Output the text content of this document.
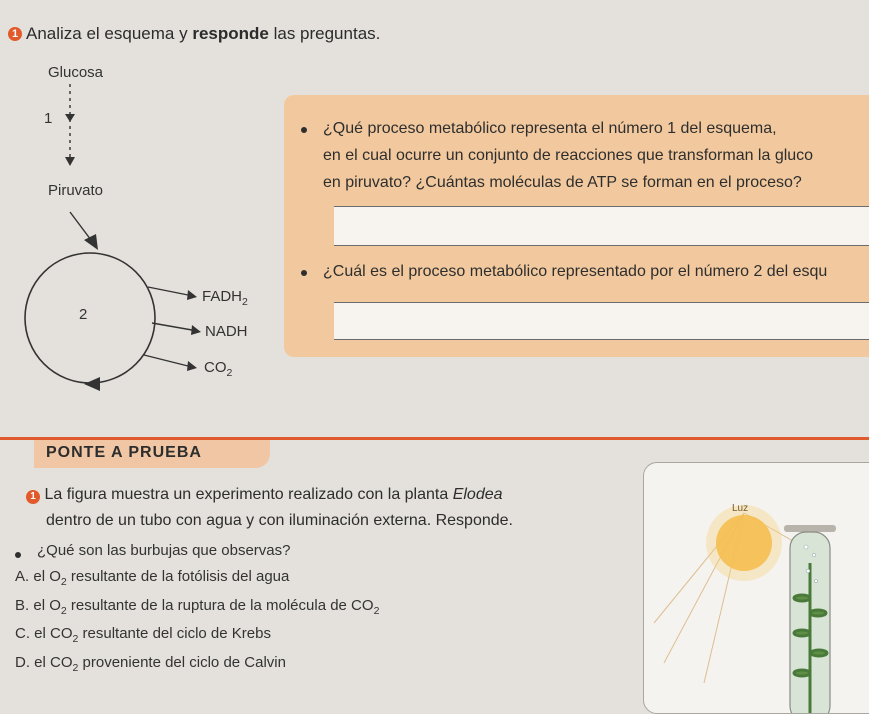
1 Analiza el esquema y responde las preguntas.
Glucosa
1
Piruvato
2
$FADH_2$
NADH
$CO_2$
¿Qué proceso metabólico representa el número 1 del esquema,
en el cual ocurre un conjunto de reacciones que transforman la gluco
en piruvato? ¿Cuántas moléculas de ATP se forman en el proceso?
¿Cuál es el proceso metabólico representado por el número 2 del esqu
PONTE A PRUEBA
Luz
1 La figura muestra un experimento realizado con la planta Elodea
dentro de un tubo con agua y con iluminación externa. Responde.
¿Qué son las burbujas que observas?
A. el $O_2$ resultante de la fotólisis del agua
B. el $O_2$ resultante de la ruptura de la molécula de $CO_2$
C. el $CO_2$ resultante del ciclo de Krebs
D. el $CO_2$ proveniente del ciclo de Calvin
